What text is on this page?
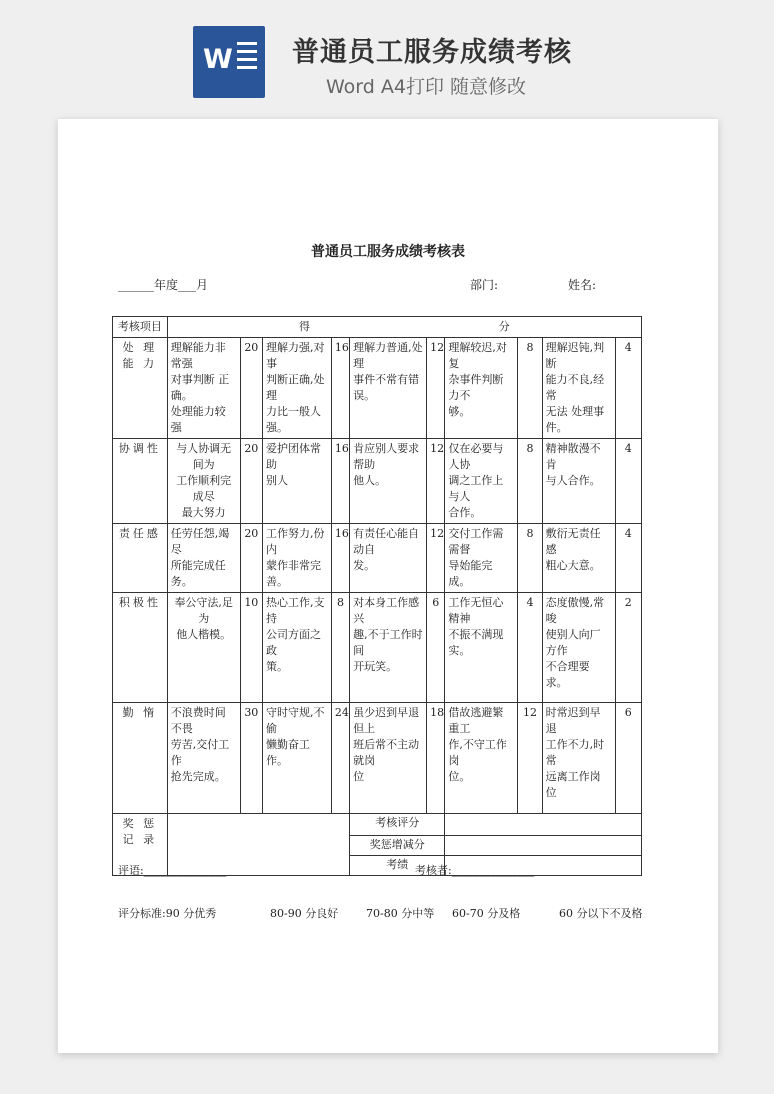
W 普通员工服务成绩考核
Word A4打印 随意修改
普通员工服务成绩考核表
______年度___月	部门:	姓名:
考核项目	得                                                      分									
处 理
能 力	理解能力非常强
对事判断 正确。
处理能力较强	20	理解力强,对事
判断正确,处理
力比一般人强。	16	理解力普通,处理
事件不常有错误。	12	理解较迟,对复
杂事件判断力不
够。	8	理解迟钝,判断
能力不良,经常
无法 处理事件。	4
协调性	与人协调无间为
工作顺利完成尽
最大努力	20	爱护团体常助
别人	16	肯应别人要求帮助
他人。	12	仅在必要与人协
调之工作上与人
合作。	8	精神散漫不肯
与人合作。	4
责任感	任劳任怨,竭尽
所能完成任务。	20	工作努力,份内
蒙作非常完善。	16	有责任心能自动自
发。	12	交付工作需需督
导始能完成。	8	敷衍无责任感
粗心大意。	4
积极性	奉公守法,足为
他人楷模。	10	热心工作,支持
公司方面之政
策。	8	对本身工作感兴
趣,不于工作时间
开玩笑。	6	工作无恒心精神
不振不满现实。	4	态度傲慢,常唆
使别人向厂方作
不合理要求。	2
勤 惰	不浪费时间不畏
劳苦,交付工作
抢先完成。	30	守时守规,不偷
懒勤奋工作。	24	虽少迟到早退但上
班后常不主动就岗
位	18	借故逃避繁重工
作,不守工作岗
位。	12	时常迟到早 退
工作不力,时常
远离工作岗位	6
奖 惩
记 录					考核评分					
					奖惩增减分					
					考绩					
评语:_______________	考核者:_______________
评分标准:90 分优秀	80-90 分良好	70-80 分中等 60-70 分及格	60 分以下不及格
